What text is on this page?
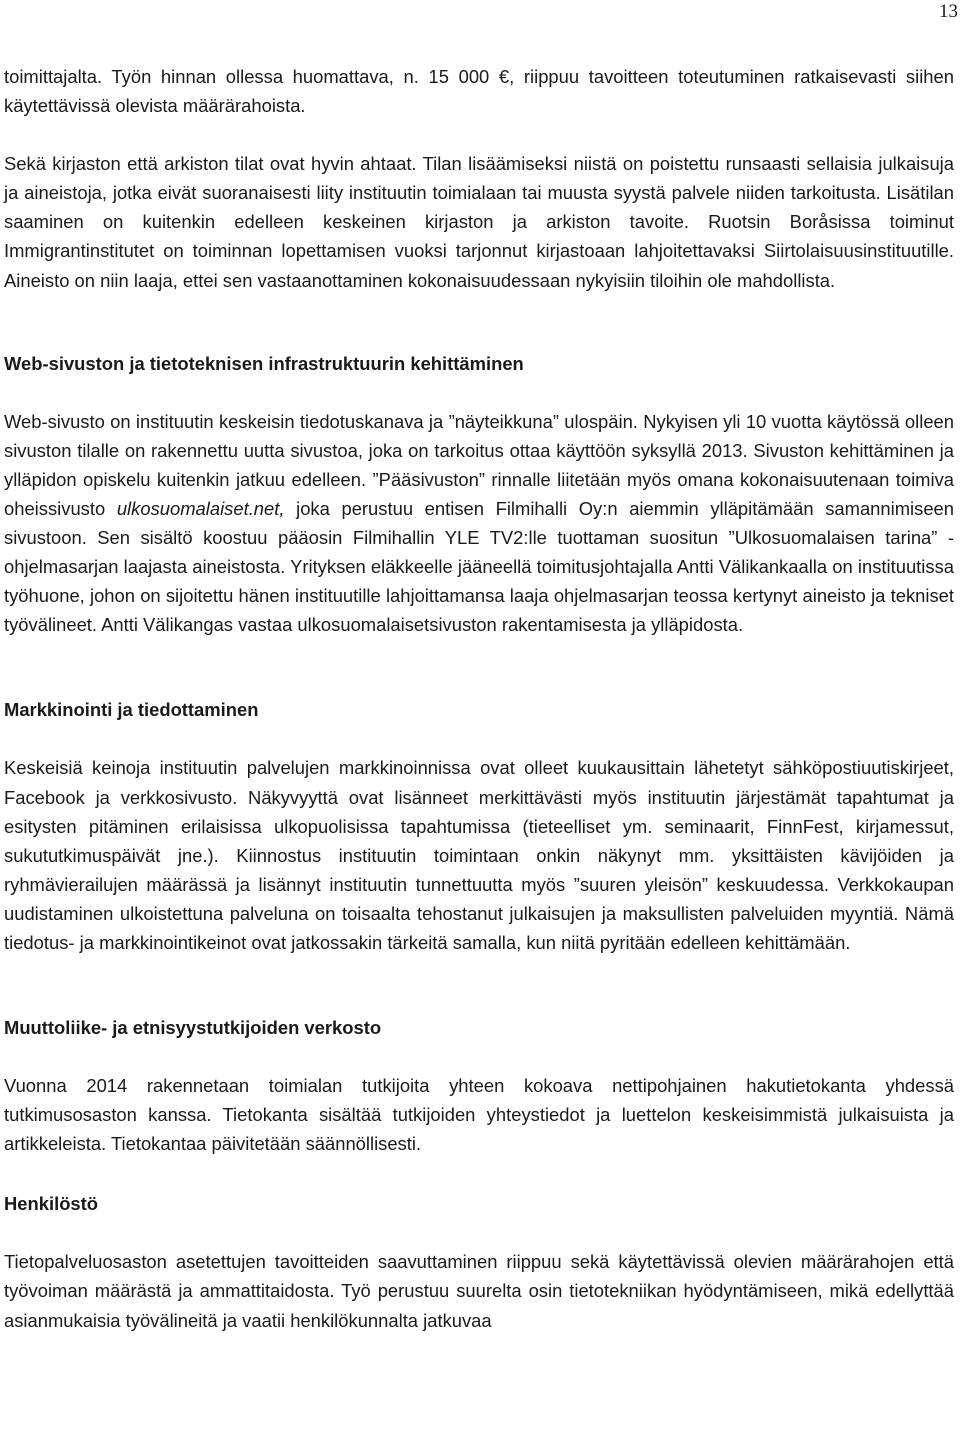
13

toimittajalta. Työn hinnan ollessa huomattava, n. 15 000 €, riippuu tavoitteen toteutuminen ratkaisevasti siihen käytettävissä olevista määrärahoista.

Sekä kirjaston että arkiston tilat ovat hyvin ahtaat. Tilan lisäämiseksi niistä on poistettu runsaasti sellaisia julkaisuja ja aineistoja, jotka eivät suoranaisesti liity instituutin toimialaan tai muusta syystä palvele niiden tarkoitusta. Lisätilan saaminen on kuitenkin edelleen keskeinen kirjaston ja arkiston tavoite. Ruotsin Boråsissa toiminut Immigrantinstitutet on toiminnan lopettamisen vuoksi tarjonnut kirjastoaan lahjoitettavaksi Siirtolaisuusinstituutille. Aineisto on niin laaja, ettei sen vastaanottaminen kokonaisuudessaan nykyisiin tiloihin ole mahdollista.

Web-sivuston ja tietoteknisen infrastruktuurin kehittäminen

Web-sivusto on instituutin keskeisin tiedotuskanava ja ”näyteikkuna” ulospäin. Nykyisen yli 10 vuotta käytössä olleen sivuston tilalle on rakennettu uutta sivustoa, joka on tarkoitus ottaa käyttöön syksyllä 2013. Sivuston kehittäminen ja ylläpidon opiskelu kuitenkin jatkuu edelleen. ”Pääsivuston” rinnalle liitetään myös omana kokonaisuutenaan toimiva oheissivusto ulkosuomalaiset.net, joka perustuu entisen Filmihalli Oy:n aiemmin ylläpitämään samannimiseen sivustoon. Sen sisältö koostuu pääosin Filmihallin YLE TV2:lle tuottaman suositun ”Ulkosuomalaisen tarina” -ohjelmasarjan laajasta aineistosta. Yrityksen eläkkeelle jääneellä toimitusjohtajalla Antti Välikankaalla on instituutissa työhuone, johon on sijoitettu hänen instituutille lahjoittamansa laaja ohjelmasarjan teossa kertynyt aineisto ja tekniset työvälineet. Antti Välikangas vastaa ulkosuomalaisetsivuston rakentamisesta ja ylläpidosta.

Markkinointi ja tiedottaminen

Keskeisiä keinoja instituutin palvelujen markkinoinnissa ovat olleet kuukausittain lähetetyt sähköpostiuutiskirjeet, Facebook ja verkkosivusto. Näkyvyyttä ovat lisänneet merkittävästi myös instituutin järjestämät tapahtumat ja esitysten pitäminen erilaisissa ulkopuolisissa tapahtumissa (tieteelliset ym. seminaarit, FinnFest, kirjamessut, sukututkimuspäivät jne.). Kiinnostus instituutin toimintaan onkin näkynyt mm. yksittäisten kävijöiden ja ryhmävierailujen määrässä ja lisännyt instituutin tunnettuutta myös ”suuren yleisön” keskuudessa. Verkkokaupan uudistaminen ulkoistettuna palveluna on toisaalta tehostanut julkaisujen ja maksullisten palveluiden myyntiä. Nämä tiedotus- ja markkinointikeinot ovat jatkossakin tärkeitä samalla, kun niitä pyritään edelleen kehittämään.

Muuttoliike- ja etnisyystutkijoiden verkosto

Vuonna 2014 rakennetaan toimialan tutkijoita yhteen kokoava nettipohjainen hakutietokanta yhdessä tutkimusosaston kanssa. Tietokanta sisältää tutkijoiden yhteystiedot ja luettelon keskeisimmistä julkaisuista ja artikkeleista. Tietokantaa päivitetään säännöllisesti.

Henkilöstö

Tietopalveluosaston asetettujen tavoitteiden saavuttaminen riippuu sekä käytettävissä olevien määrärahojen että työvoiman määrästä ja ammattitaidosta. Työ perustuu suurelta osin tietotekniikan hyödyntämiseen, mikä edellyttää asianmukaisia työvälineitä ja vaatii henkilökunnalta jatkuvaa
